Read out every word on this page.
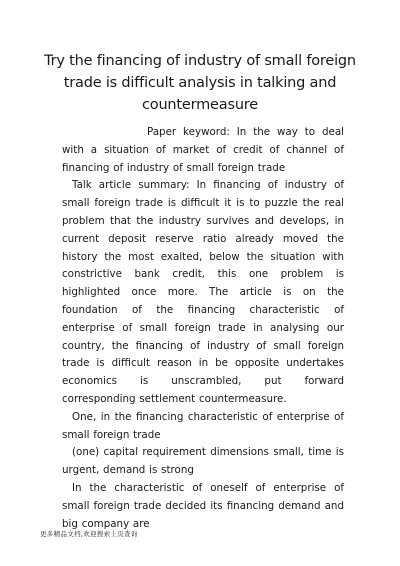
Try the financing of industry of small foreign trade is difficult analysis in talking and countermeasure

Paper keyword: In the way to deal with a situation of market of credit of channel of financing of industry of small foreign trade

Talk article summary: In financing of industry of small foreign trade is difficult it is to puzzle the real problem that the industry survives and develops, in current deposit reserve ratio already moved the history the most exalted, below the situation with constrictive bank credit, this one problem is highlighted once more. The article is on the foundation of the financing characteristic of enterprise of small foreign trade in analysing our country, the financing of industry of small foreign trade is difficult reason in be opposite undertakes economics is unscrambled, put forward corresponding settlement countermeasure.

One, in the financing characteristic of enterprise of small foreign trade

(one) capital requirement dimensions small, time is urgent, demand is strong

In the characteristic of oneself of enterprise of small foreign trade decided its financing demand and big company are

更多精品文档,欢迎搜索上页查询
